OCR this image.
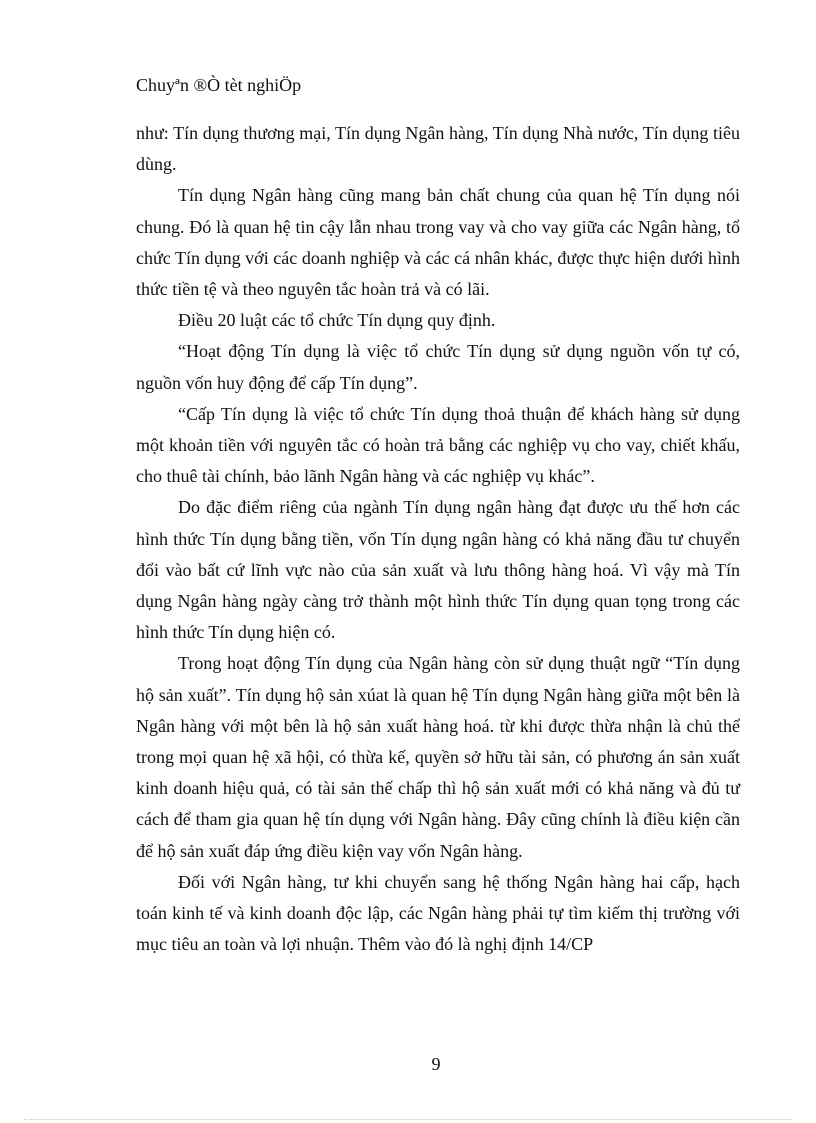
Chuyªn ®Ò tèt nghiÖp

như: Tín dụng thương mại, Tín dụng Ngân hàng, Tín dụng Nhà nước, Tín dụng tiêu dùng.

Tín dụng Ngân hàng cũng mang bản chất chung của quan hệ Tín dụng nói chung. Đó là quan hệ tin cậy lẫn nhau trong vay và cho vay giữa các Ngân hàng, tổ chức Tín dụng với các doanh nghiệp và các cá nhân khác, được thực hiện dưới hình thức tiền tệ và theo nguyên tắc hoàn trả và có lãi.

Điều 20 luật các tổ chức Tín dụng quy định.

“Hoạt động Tín dụng là việc tổ chức Tín dụng sử dụng nguồn vốn tự có, nguồn vốn huy động để cấp Tín dụng”.

“Cấp Tín dụng là việc tổ chức Tín dụng thoả thuận để khách hàng sử dụng một khoản tiền với nguyên tắc có hoàn trả bằng các nghiệp vụ cho vay, chiết khấu, cho thuê tài chính, bảo lãnh Ngân hàng và các nghiệp vụ khác”.

Do đặc điểm riêng của ngành Tín dụng ngân hàng đạt được ưu thế hơn các hình thức Tín dụng bằng tiền, vốn Tín dụng ngân hàng có khả năng đầu tư chuyển đổi vào bất cứ lĩnh vực nào của sản xuất và lưu thông hàng hoá. Vì vậy mà Tín dụng Ngân hàng ngày càng trở thành một hình thức Tín dụng quan tọng trong các hình thức Tín dụng hiện có.

Trong hoạt động Tín dụng của Ngân hàng còn sử dụng thuật ngữ “Tín dụng hộ sản xuất”. Tín dụng hộ sản xúat là quan hệ Tín dụng Ngân hàng giữa một bên là Ngân hàng với một bên là hộ sản xuất hàng hoá. từ khi được thừa nhận là chủ thể trong mọi quan hệ xã hội, có thừa kế, quyền sở hữu tài sản, có phương án sản xuất kinh doanh hiệu quả, có tài sản thế chấp thì hộ sản xuất mới có khả năng và đủ tư cách để tham gia quan hệ tín dụng với Ngân hàng. Đây cũng chính là điều kiện cần để hộ sản xuất đáp ứng điều kiện vay vốn Ngân hàng.

Đối với Ngân hàng, tư khi chuyển sang hệ thống Ngân hàng hai cấp, hạch toán kinh tế và kinh doanh độc lập, các Ngân hàng phải tự tìm kiếm thị trường với mục tiêu an toàn và lợi nhuận. Thêm vào đó là nghị định 14/CP

9
